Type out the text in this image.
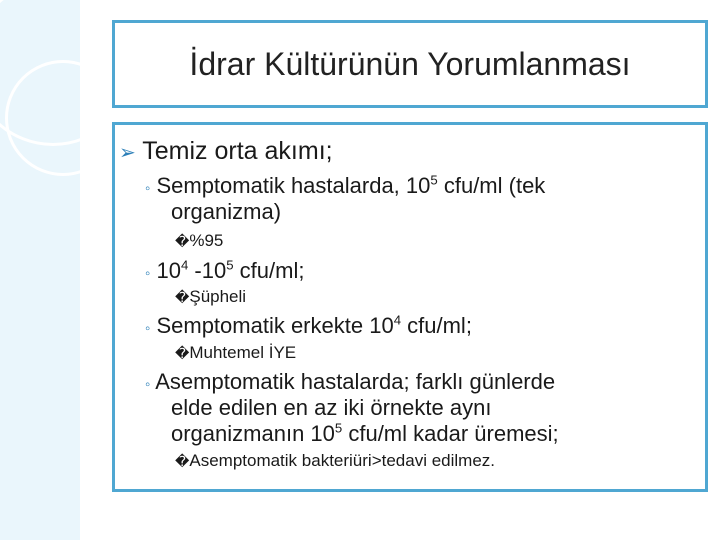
İdrar Kültürünün Yorumlanması
➢ Temiz orta akımı;
◦ Semptomatik hastalarda, $10^5$ cfu/ml (tek
organizma)
�%95
◦ $10^4$ $-10^5$ cfu/ml;
�Şüpheli
◦ Semptomatik erkekte $10^4$ cfu/ml;
�Muhtemel İYE
◦ Asemptomatik hastalarda; farklı günlerde
elde edilen en az iki örnekte aynı
organizmanın $10^5$ cfu/ml kadar üremesi;
�Asemptomatik bakteriüri>tedavi edilmez.
